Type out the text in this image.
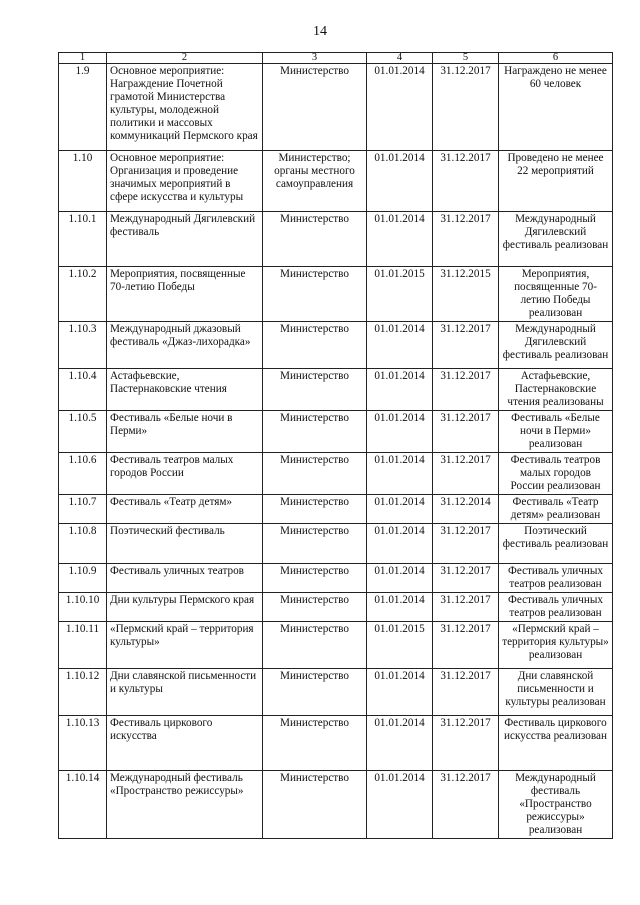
14
1	2	3	4	5	6
1.9	Основное мероприятие: Награждение Почетной грамотой Министерства культуры, молодежной политики и массовых коммуникаций Пермского края	Министерство	01.01.2014	31.12.2017	Награждено не менее 60 человек
1.10	Основное мероприятие: Организация и проведение значимых мероприятий в сфере искусства и культуры	Министерство; органы местного самоуправления	01.01.2014	31.12.2017	Проведено не менее 22 мероприятий
1.10.1	Международный Дягилевский фестиваль	Министерство	01.01.2014	31.12.2017	Международный Дягилевский фестиваль реализован
1.10.2	Мероприятия, посвященные 70-летию Победы	Министерство	01.01.2015	31.12.2015	Мероприятия, посвященные 70-летию Победы реализован
1.10.3	Международный джазовый фестиваль «Джаз-лихорадка»	Министерство	01.01.2014	31.12.2017	Международный Дягилевский фестиваль реализован
1.10.4	Астафьевские, Пастернаковские чтения	Министерство	01.01.2014	31.12.2017	Астафьевские, Пастернаковские чтения реализованы
1.10.5	Фестиваль «Белые ночи в Перми»	Министерство	01.01.2014	31.12.2017	Фестиваль «Белые ночи в Перми» реализован
1.10.6	Фестиваль театров малых городов России	Министерство	01.01.2014	31.12.2017	Фестиваль театров малых городов России реализован
1.10.7	Фестиваль «Театр детям»	Министерство	01.01.2014	31.12.2014	Фестиваль «Театр детям» реализован
1.10.8	Поэтический фестиваль	Министерство	01.01.2014	31.12.2017	Поэтический фестиваль реализован
1.10.9	Фестиваль уличных театров	Министерство	01.01.2014	31.12.2017	Фестиваль уличных театров реализован
1.10.10	Дни культуры Пермского края	Министерство	01.01.2014	31.12.2017	Фестиваль уличных театров реализован
1.10.11	«Пермский край – территория культуры»	Министерство	01.01.2015	31.12.2017	«Пермский край – территория культуры» реализован
1.10.12	Дни славянской письменности и культуры	Министерство	01.01.2014	31.12.2017	Дни славянской письменности и культуры реализован
1.10.13	Фестиваль циркового искусства	Министерство	01.01.2014	31.12.2017	Фестиваль циркового искусства реализован
1.10.14	Международный фестиваль «Пространство режиссуры»	Министерство	01.01.2014	31.12.2017	Международный фестиваль «Пространство режиссуры» реализован
